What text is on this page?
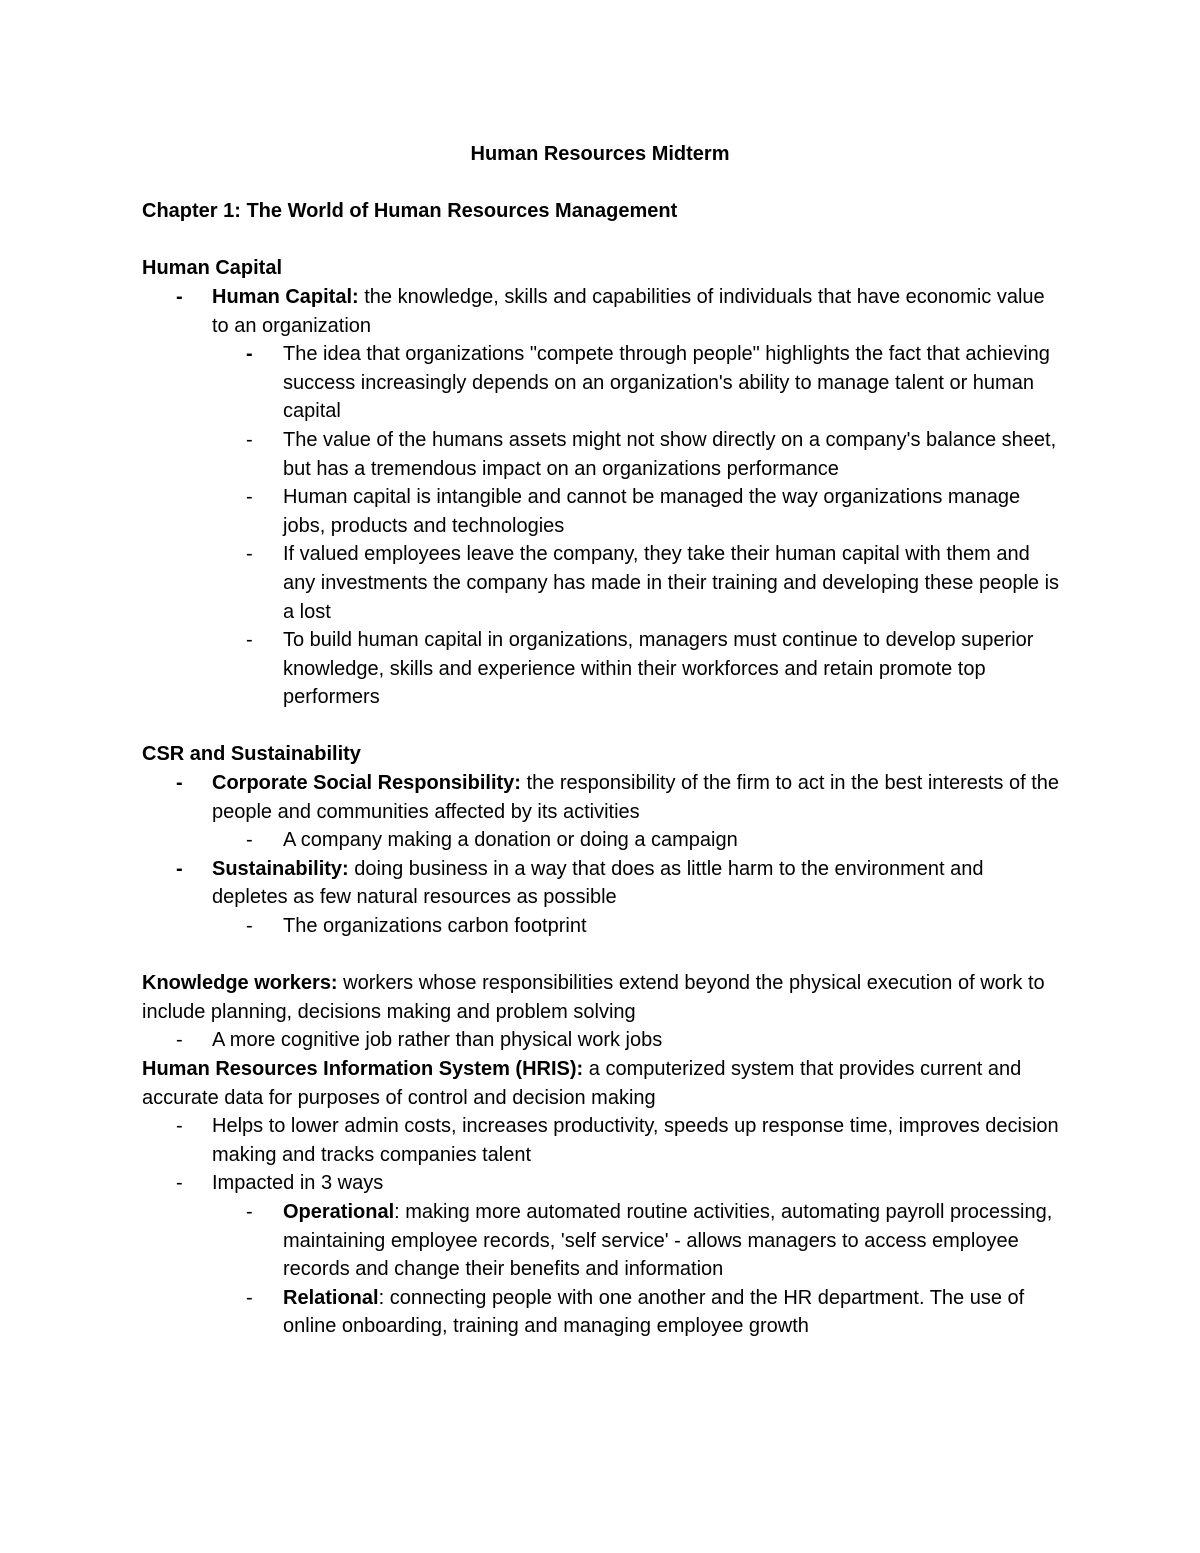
Human Resources Midterm

Chapter 1: The World of Human Resources Management

Human Capital

-	Human Capital: the knowledge, skills and capabilities of individuals that have economic value to an organization
-	The idea that organizations "compete through people" highlights the fact that achieving success increasingly depends on an organization's ability to manage talent or human capital
-	The value of the humans assets might not show directly on a company's balance sheet, but has a tremendous impact on an organizations performance
-	Human capital is intangible and cannot be managed the way organizations manage jobs, products and technologies
-	If valued employees leave the company, they take their human capital with them and any investments the company has made in their training and developing these people is a lost
-	To build human capital in organizations, managers must continue to develop superior knowledge, skills and experience within their workforces and retain promote top performers

CSR and Sustainability

-	Corporate Social Responsibility: the responsibility of the firm to act in the best interests of the people and communities affected by its activities
-	A company making a donation or doing a campaign
-	Sustainability: doing business in a way that does as little harm to the environment and depletes as few natural resources as possible
-	The organizations carbon footprint

Knowledge workers: workers whose responsibilities extend beyond the physical execution of work to include planning, decisions making and problem solving

-	A more cognitive job rather than physical work jobs

Human Resources Information System (HRIS): a computerized system that provides current and accurate data for purposes of control and decision making

-	Helps to lower admin costs, increases productivity, speeds up response time, improves decision making and tracks companies talent
-	Impacted in 3 ways
-	Operational: making more automated routine activities, automating payroll processing, maintaining employee records, 'self service' - allows managers to access employee records and change their benefits and information
-	Relational: connecting people with one another and the HR department. The use of online onboarding, training and managing employee growth
